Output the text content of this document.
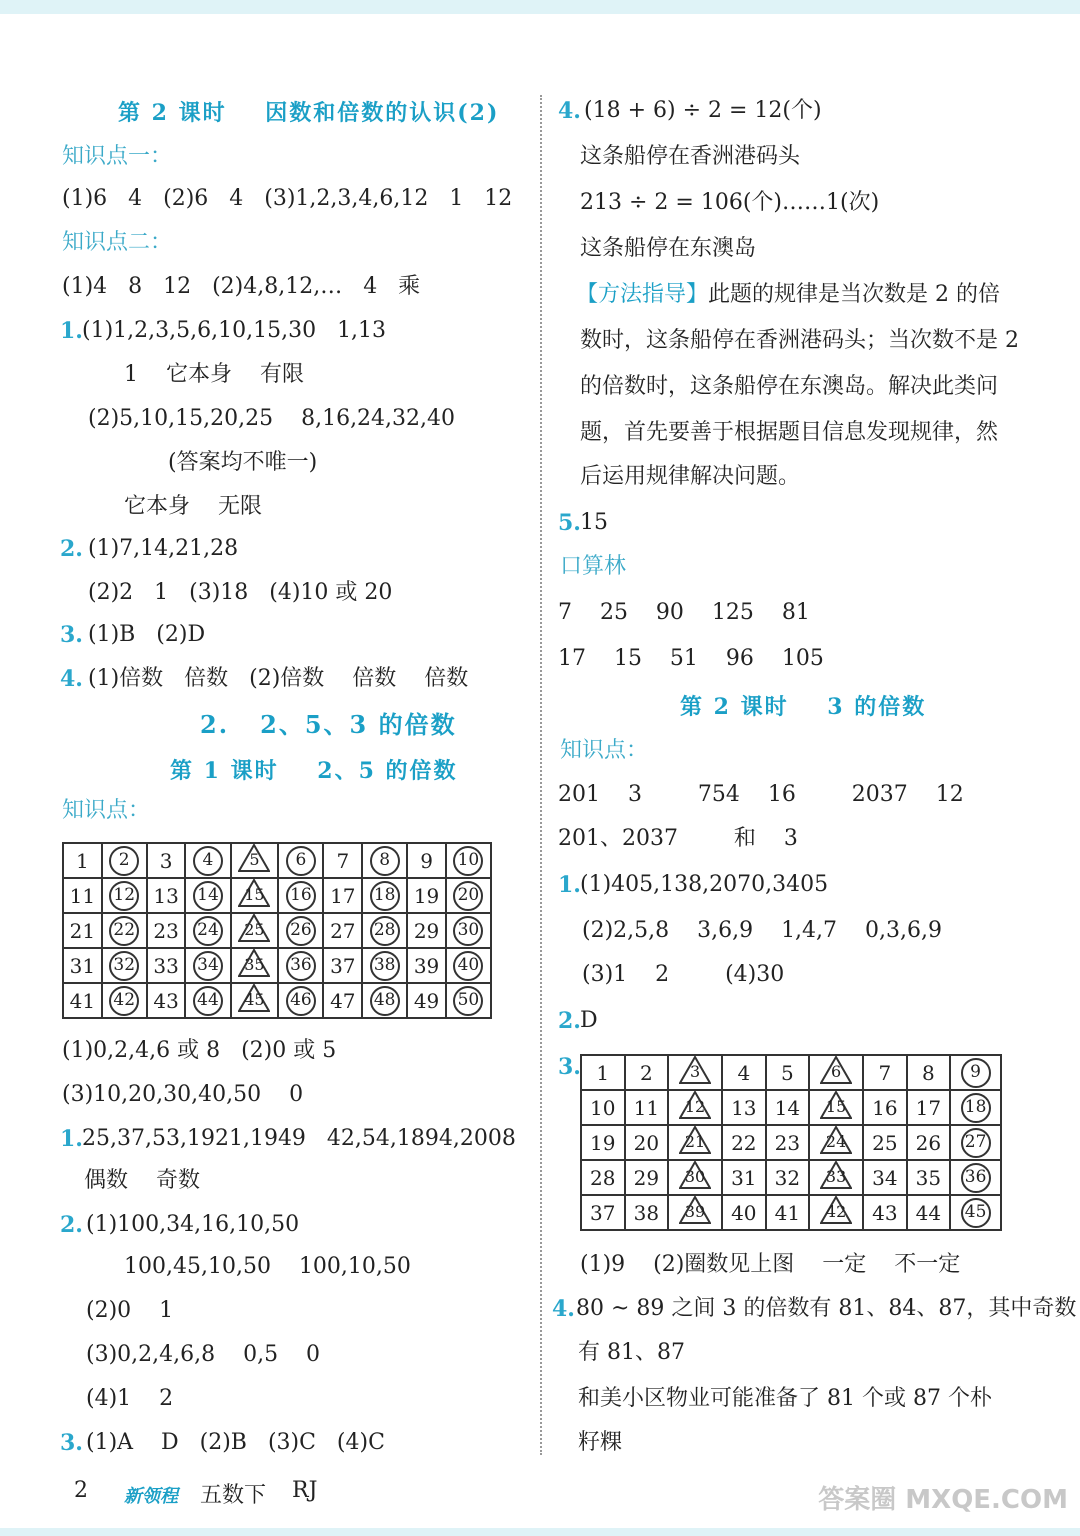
第 2 课时    因数和倍数的认识(2)
知识点一：
(1)6   4   (2)6   4   (3)1,2,3,4,6,12   1   12
知识点二：
(1)4   8   12   (2)4,8,12,…   4   乘
1. (1)1,2,3,5,6,10,15,30   1,13
1    它本身    有限
(2)5,10,15,20,25    8,16,24,32,40
(答案均不唯一)
它本身    无限
2. (1)7,14,21,28
(2)2   1   (3)18   (4)10 或 20
3. (1)B   (2)D
4. (1)倍数   倍数   (2)倍数    倍数    倍数
2.   2、5、3 的倍数
第 1 课时    2、5 的倍数
知识点：
1	2	3	4	5	6	7	8	9	10
11	12	13	14	15	16	17	18	19	20
21	22	23	24	25	26	27	28	29	30
31	32	33	34	35	36	37	38	39	40
41	42	43	44	45	46	47	48	49	50
(1)0,2,4,6 或 8   (2)0 或 5
(3)10,20,30,40,50    0
1. 25,37,53,1921,1949   42,54,1894,2008
偶数    奇数
2. (1)100,34,16,10,50
100,45,10,50    100,10,50
(2)0    1
(3)0,2,4,6,8    0,5    0
(4)1    2
3. (1)A    D   (2)B   (3)C   (4)C
4. (18 + 6) ÷ 2 = 12(个)
这条船停在香洲港码头
213 ÷ 2 = 106(个)……1(次)
这条船停在东澳岛
【方法指导】此题的规律是当次数是 2 的倍
数时，这条船停在香洲港码头；当次数不是 2
的倍数时，这条船停在东澳岛。解决此类问
题，首先要善于根据题目信息发现规律，然
后运用规律解决问题。
5. 15
口算林
7    25    90    125    81
17    15    51    96    105
第 2 课时    3 的倍数
知识点：
201    3        754    16        2037    12
201、2037        和    3
1. (1)405,138,2070,3405
(2)2,5,8    3,6,9    1,4,7    0,3,6,9
(3)1    2        (4)30
2. D
3. 1	2	3	4	5	6	7	8	9
10	11	12	13	14	15	16	17	18
19	20	21	22	23	24	25	26	27
28	29	30	31	32	33	34	35	36
37	38	39	40	41	42	43	44	45
(1)9    (2)圈数见上图    一定    不一定
4. 80 ~ 89 之间 3 的倍数有 81、84、87，其中奇数
有 81、87
和美小区物业可能准备了 81 个或 87 个朴
籽粿
2 新领程 五数下 RJ	答案圈 MXQE.COM
